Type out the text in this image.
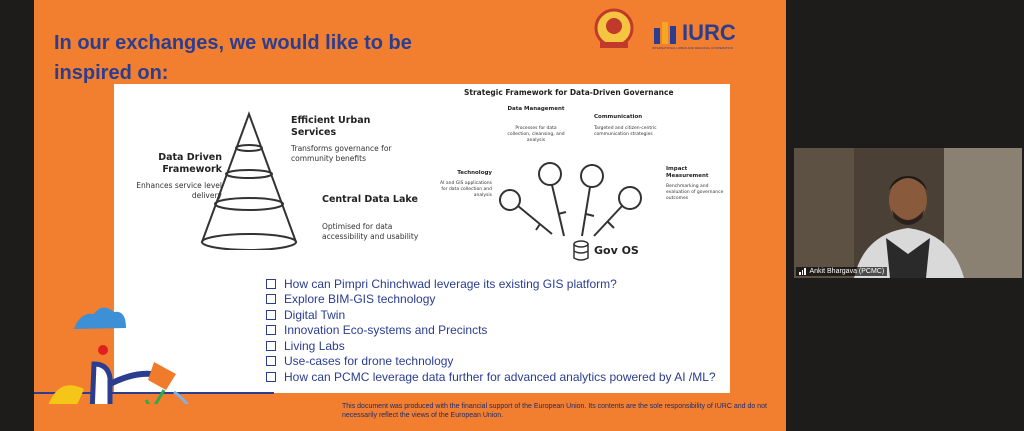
In our exchanges, we would like to be inspired on:
IURC
INTERNATIONAL URBAN AND REGIONAL COOPERATION
Efficient Urban Services
Transforms governance for community benefits
Data Driven Framework
Enhances service level delivery	Central Data Lake
Optimised for data accessibility and usability
Strategic Framework for Data-Driven Governance
Data Management
Processes for data collection, cleansing, and analysis
Communication
Targeted and citizen-centric communication strategies
Technology
AI and GIS applications for data collection and analysis
Impact Measurement
Benchmarking and evaluation of governance outcomes
Gov OS
How can Pimpri Chinchwad leverage its existing GIS platform?
Explore BIM-GIS technology
Digital Twin
Innovation Eco-systems and Precincts
Living Labs
Use-cases for drone technology
How can PCMC leverage data further for advanced analytics powered by AI /ML?
This document was produced with the financial support of the European Union. Its contents are the sole responsibility of IURC and do not necessarily reflect the views of the European Union.
Ankit Bhargava (PCMC)
